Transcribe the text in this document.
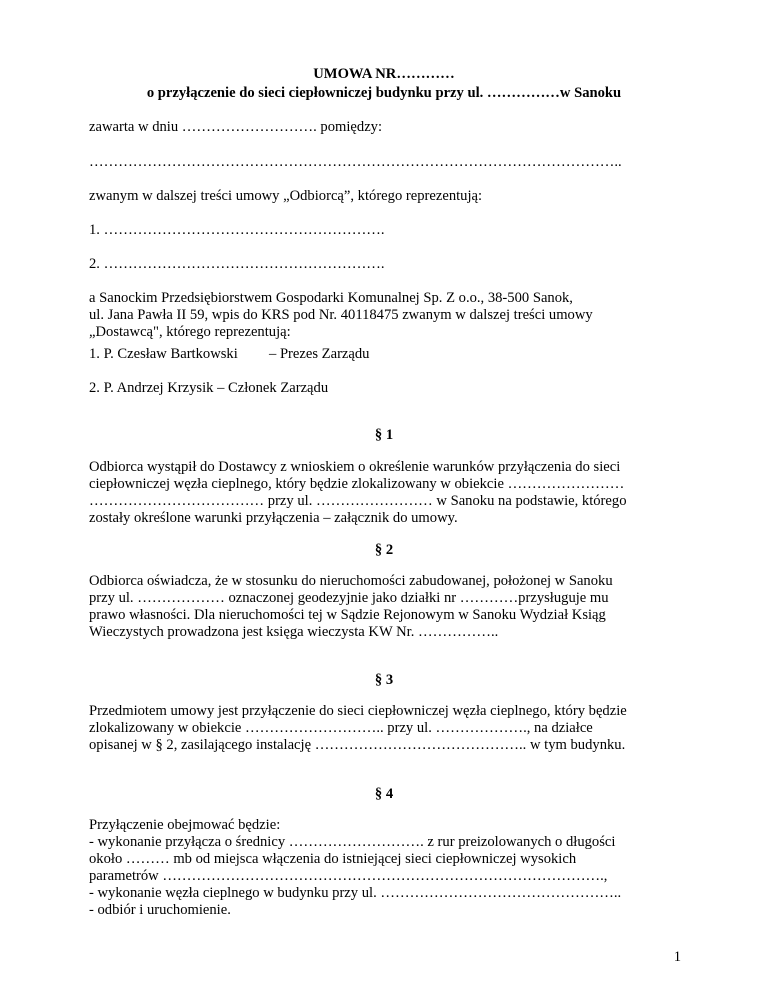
UMOWA NR…………
o przyłączenie do sieci ciepłowniczej budynku przy ul. ……………w Sanoku
zawarta w dniu ………………………. pomiędzy:
………………………………………………………………………………………………..
zwanym w dalszej treści umowy „Odbiorcą”, którego reprezentują:
1. ………………………………………………….
2. ………………………………………………….
a Sanockim Przedsiębiorstwem Gospodarki Komunalnej Sp. Z o.o., 38-500 Sanok,
ul. Jana Pawła II 59, wpis do KRS pod Nr. 40118475 zwanym w dalszej treści umowy
„Dostawcą", którego reprezentują:
1. P. Czesław Bartkowski – Prezes Zarządu
2. P. Andrzej Krzysik – Członek Zarządu
§ 1
Odbiorca wystąpił do Dostawcy z wnioskiem o określenie warunków przyłączenia do sieci
ciepłowniczej węzła cieplnego, który będzie zlokalizowany w obiekcie ……………………
……………………………… przy ul. …………………… w Sanoku na podstawie, którego
zostały określone warunki przyłączenia – załącznik do umowy.
§ 2
Odbiorca oświadcza, że w stosunku do nieruchomości zabudowanej, położonej w Sanoku
przy ul. ……………… oznaczonej geodezyjnie jako działki nr …………przysługuje mu
prawo własności. Dla nieruchomości tej w Sądzie Rejonowym w Sanoku Wydział Ksiąg
Wieczystych prowadzona jest księga wieczysta KW Nr. ……………..
§ 3
Przedmiotem umowy jest przyłączenie do sieci ciepłowniczej węzła cieplnego, który będzie
zlokalizowany w obiekcie ……………………….. przy ul. ………………., na działce
opisanej w § 2, zasilającego instalację …………………………………….. w tym budynku.
§ 4
Przyłączenie obejmować będzie:
- wykonanie przyłącza o średnicy ………………………. z rur preizolowanych o długości
około ……… mb od miejsca włączenia do istniejącej sieci ciepłowniczej wysokich
parametrów ……………………………………………………………………………….,
- wykonanie węzła cieplnego w budynku przy ul. …………………………………………..
- odbiór i uruchomienie.
1
